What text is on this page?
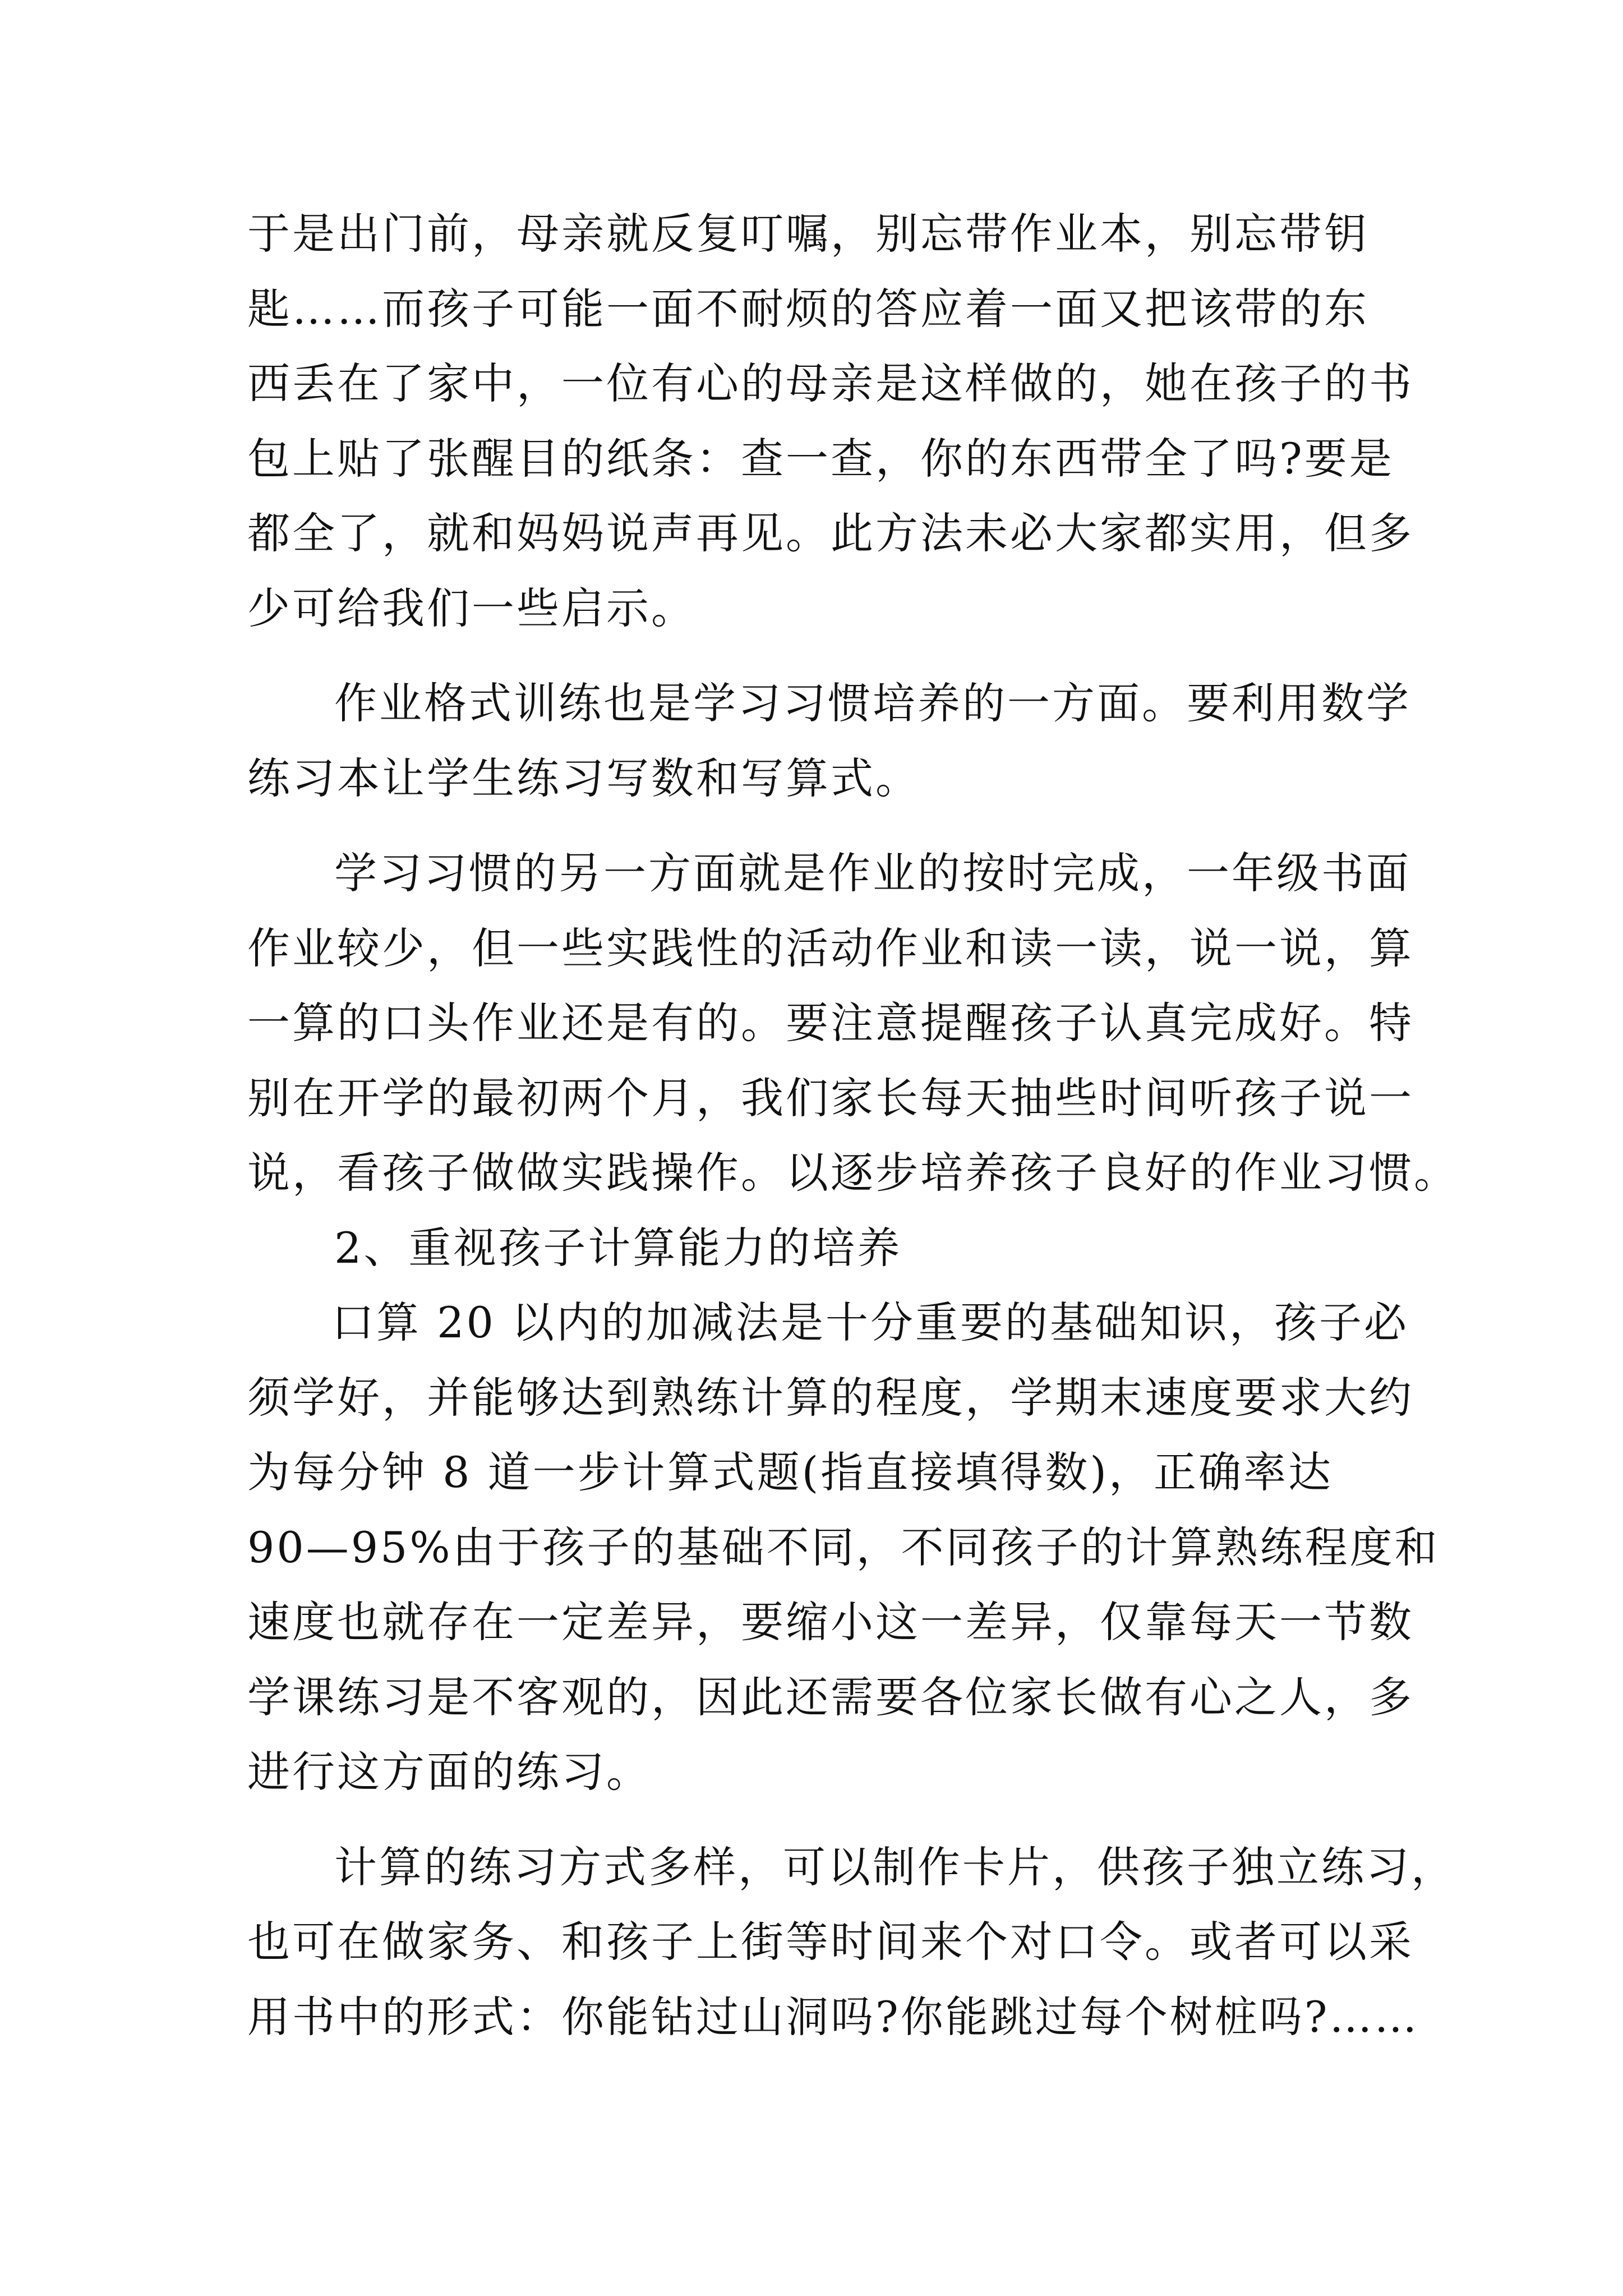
于是出门前，母亲就反复叮嘱，别忘带作业本，别忘带钥
匙……而孩子可能一面不耐烦的答应着一面又把该带的东
西丢在了家中，一位有心的母亲是这样做的，她在孩子的书
包上贴了张醒目的纸条：查一查，你的东西带全了吗?要是
都全了，就和妈妈说声再见。此方法未必大家都实用，但多
少可给我们一些启示。
作业格式训练也是学习习惯培养的一方面。要利用数学
练习本让学生练习写数和写算式。
学习习惯的另一方面就是作业的按时完成，一年级书面
作业较少，但一些实践性的活动作业和读一读，说一说，算
一算的口头作业还是有的。要注意提醒孩子认真完成好。特
别在开学的最初两个月，我们家长每天抽些时间听孩子说一
说，看孩子做做实践操作。以逐步培养孩子良好的作业习惯。
2、重视孩子计算能力的培养
口算 20 以内的加减法是十分重要的基础知识，孩子必
须学好，并能够达到熟练计算的程度，学期末速度要求大约
为每分钟 8 道一步计算式题(指直接填得数)，正确率达
90—95%由于孩子的基础不同，不同孩子的计算熟练程度和
速度也就存在一定差异，要缩小这一差异，仅靠每天一节数
学课练习是不客观的，因此还需要各位家长做有心之人，多
进行这方面的练习。
计算的练习方式多样，可以制作卡片，供孩子独立练习，
也可在做家务、和孩子上街等时间来个对口令。或者可以采
用书中的形式：你能钻过山洞吗?你能跳过每个树桩吗?……
